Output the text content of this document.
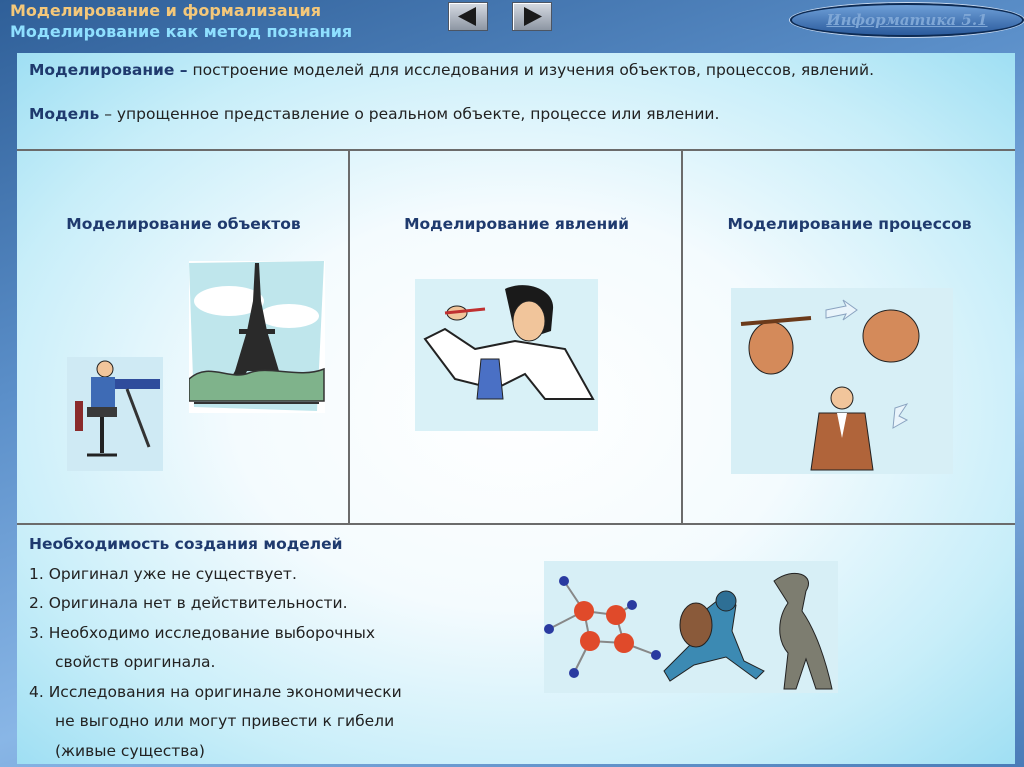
Моделирование и формализация
Моделирование как метод познания
Информатика 5.1

Моделирование – построение моделей для исследования и изучения объектов, процессов, явлений.

Модель – упрощенное представление о реальном объекте, процессе или явлении.

Моделирование объектов	Моделирование явлений	Моделирование процессов
Необходимость создания моделей
1. Оригинал уже не существует.
2. Оригинала нет в действительности.
3. Необходимо исследование выборочных
свойств оригинала.
4. Исследования на оригинале экономически
не выгодно или могут привести к гибели
(живые существа)
